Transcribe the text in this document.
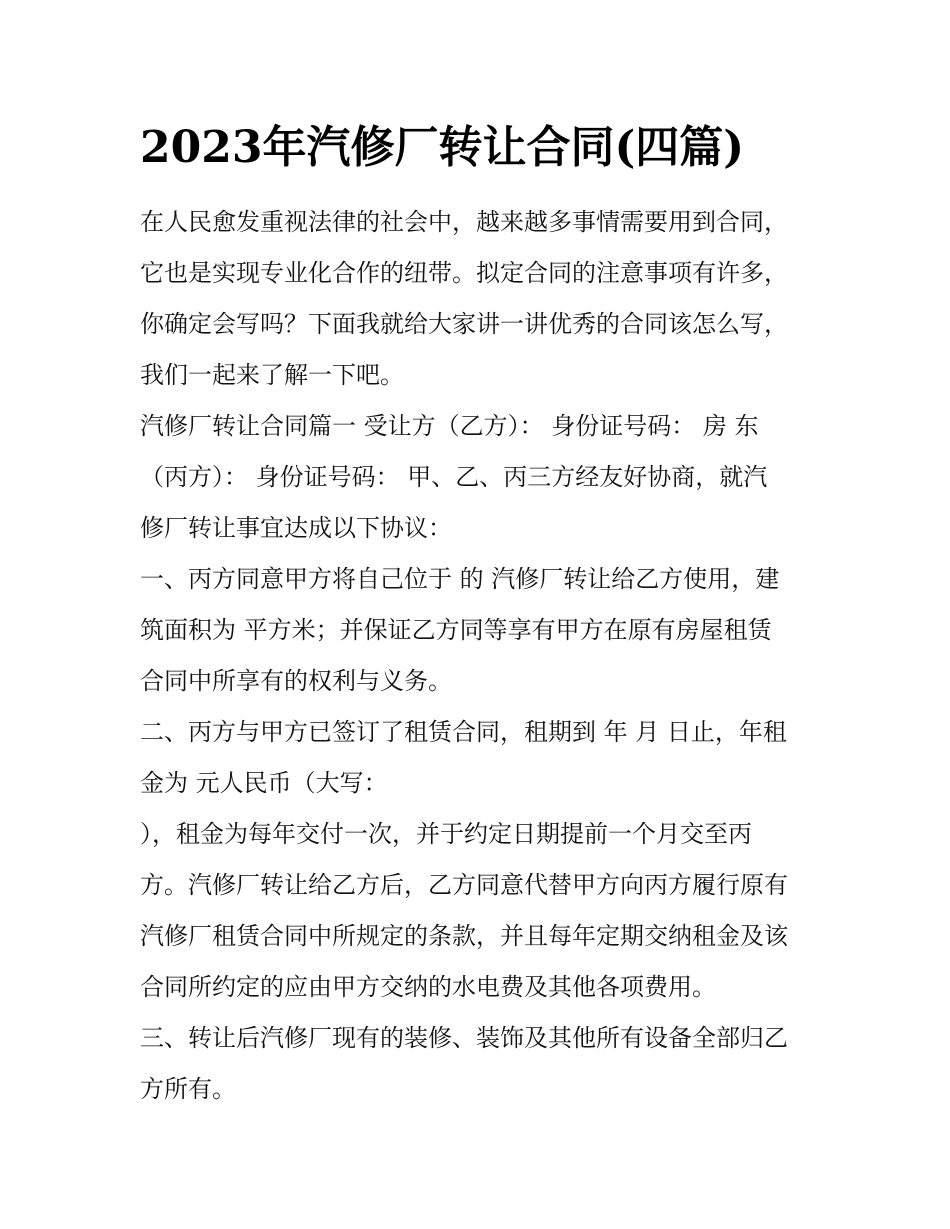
2023年汽修厂转让合同(四篇)
在人民愈发重视法律的社会中，越来越多事情需要用到合同，
它也是实现专业化合作的纽带。拟定合同的注意事项有许多，
你确定会写吗？下面我就给大家讲一讲优秀的合同该怎么写，
我们一起来了解一下吧。
汽修厂转让合同篇一 受让方（乙方）： 身份证号码： 房 东
（丙方）： 身份证号码： 甲、乙、丙三方经友好协商，就汽
修厂转让事宜达成以下协议：
一、丙方同意甲方将自己位于 的 汽修厂转让给乙方使用，建
筑面积为 平方米；并保证乙方同等享有甲方在原有房屋租赁
合同中所享有的权利与义务。
二、丙方与甲方已签订了租赁合同，租期到 年 月 日止，年租
金为 元人民币（大写：
），租金为每年交付一次，并于约定日期提前一个月交至丙
方。汽修厂转让给乙方后，乙方同意代替甲方向丙方履行原有
汽修厂租赁合同中所规定的条款，并且每年定期交纳租金及该
合同所约定的应由甲方交纳的水电费及其他各项费用。
三、转让后汽修厂现有的装修、装饰及其他所有设备全部归乙
方所有。
